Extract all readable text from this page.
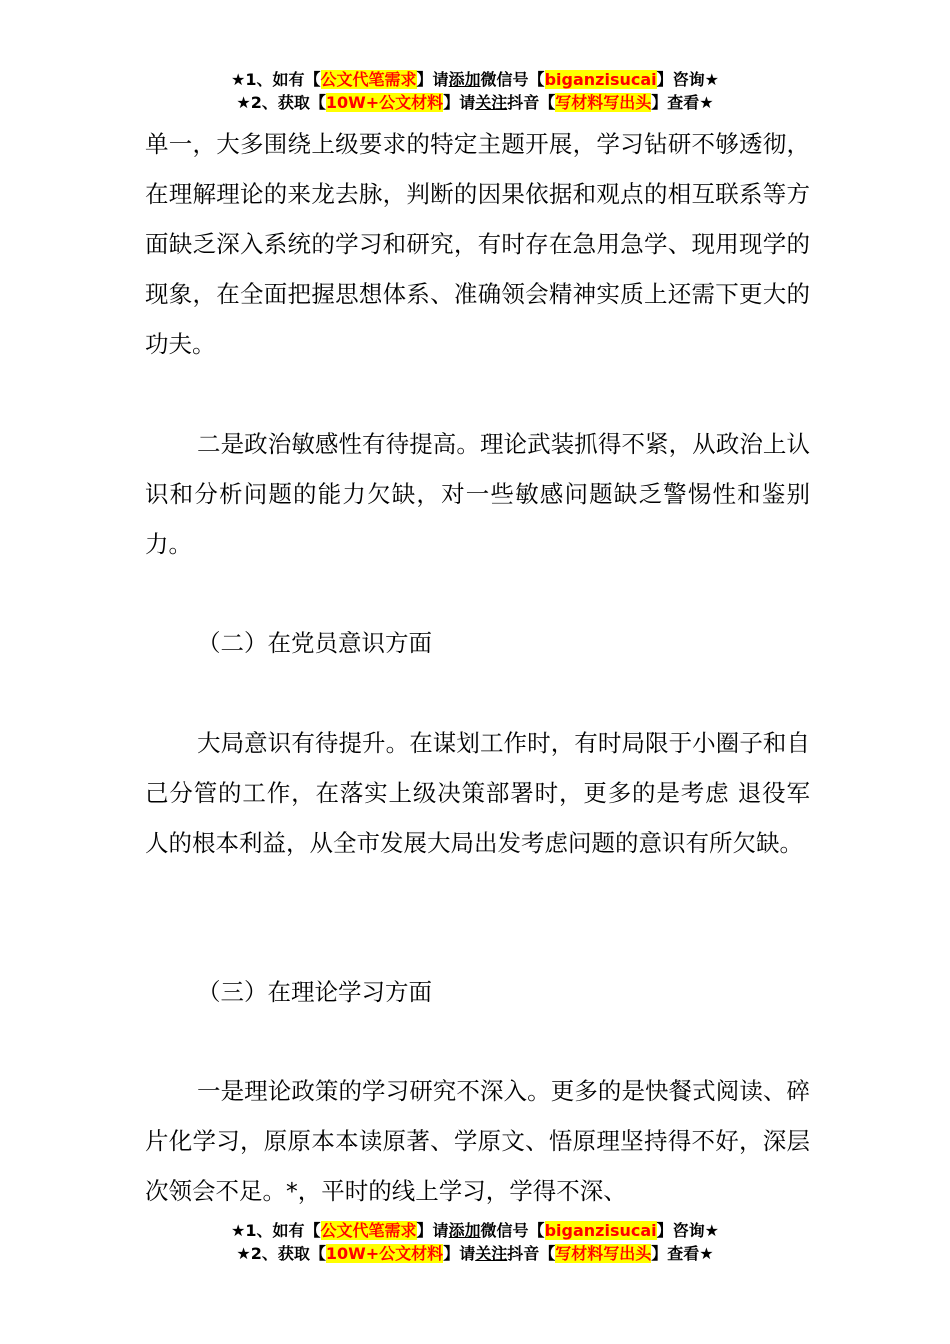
★1、如有【公文代笔需求】请添加微信号【biganzisucai】咨询★
★2、获取【10W+公文材料】请关注抖音【写材料写出头】查看★

单一，大多围绕上级要求的特定主题开展，学习钻研不够透彻，在理解理论的来龙去脉，判断的因果依据和观点的相互联系等方面缺乏深入系统的学习和研究，有时存在急用急学、现用现学的现象，在全面把握思想体系、准确领会精神实质上还需下更大的功夫。

二是政治敏感性有待提高。理论武装抓得不紧，从政治上认识和分析问题的能力欠缺，对一些敏感问题缺乏警惕性和鉴别力。

（二）在党员意识方面

大局意识有待提升。在谋划工作时，有时局限于小圈子和自己分管的工作，在落实上级决策部署时，更多的是考虑 退役军人的根本利益，从全市发展大局出发考虑问题的意识有所欠缺。

（三）在理论学习方面

一是理论政策的学习研究不深入。更多的是快餐式阅读、碎片化学习，原原本本读原著、学原文、悟原理坚持得不好，深层次领会不足。*，平时的线上学习，学得不深、

★1、如有【公文代笔需求】请添加微信号【biganzisucai】咨询★
★2、获取【10W+公文材料】请关注抖音【写材料写出头】查看★
